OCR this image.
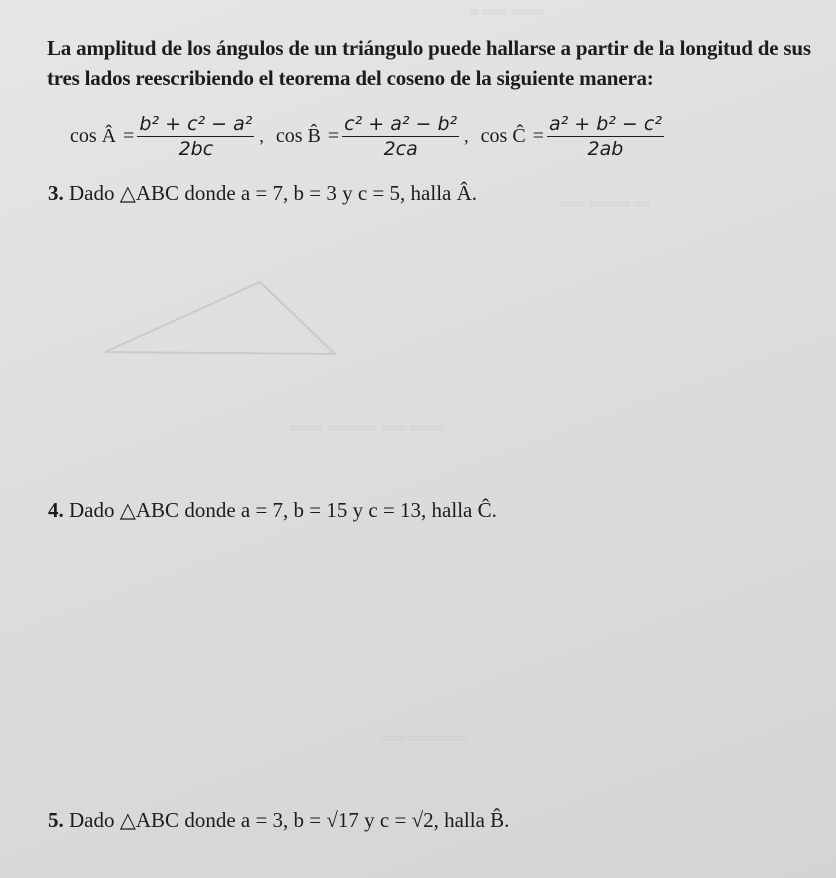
≈ ≈≈≈ ≈≈≈≈
≈≈≈ ≈≈≈≈≈ ≈≈
≈≈≈≈ ≈≈≈≈≈≈ ≈≈≈ ≈≈≈≈
≈≈≈ ≈≈≈≈≈≈≈

La amplitud de los ángulos de un triángulo puede hallarse a partir de la longitud de sus tres lados reescribiendo el teorema del coseno de la siguiente manera:

cos Â = $\frac{\text{b² + c² − a²}}{2bc}$ , cos B̂ = $\frac{\text{c² + a² − b²}}{2ca}$ , cos Ĉ = $\frac{\text{a² + b² − c²}}{2ab}$
3. Dado △ABC donde a = 7, b = 3 y c = 5, halla Â.
4. Dado △ABC donde a = 7, b = 15 y c = 13, halla Ĉ.
5. Dado △ABC donde a = 3, b = √17 y c = √2, halla B̂.
